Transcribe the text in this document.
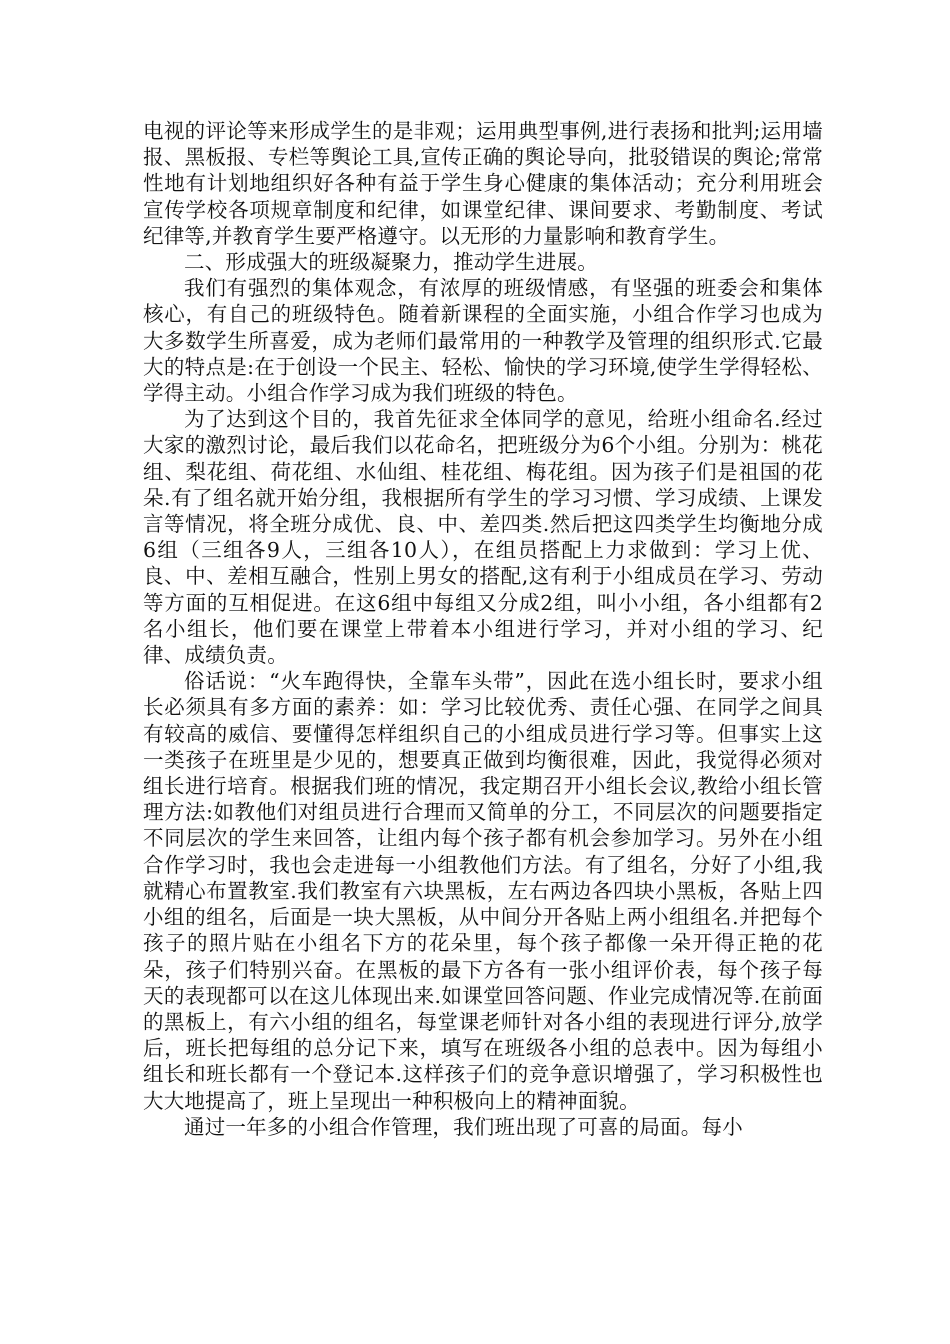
电视的评论等来形成学生的是非观；运用典型事例,进行表扬和批判;运用墙报、黑板报、专栏等舆论工具,宣传正确的舆论导向，批驳错误的舆论;常常性地有计划地组织好各种有益于学生身心健康的集体活动；充分利用班会宣传学校各项规章制度和纪律，如课堂纪律、课间要求、考勤制度、考试纪律等,并教育学生要严格遵守。以无形的力量影响和教育学生。

二、形成强大的班级凝聚力，推动学生进展。

我们有强烈的集体观念，有浓厚的班级情感，有坚强的班委会和集体核心，有自己的班级特色。随着新课程的全面实施，小组合作学习也成为大多数学生所喜爱，成为老师们最常用的一种教学及管理的组织形式.它最大的特点是:在于创设一个民主、轻松、愉快的学习环境,使学生学得轻松、学得主动。小组合作学习成为我们班级的特色。

为了达到这个目的，我首先征求全体同学的意见，给班小组命名.经过大家的激烈讨论，最后我们以花命名，把班级分为6个小组。分别为：桃花组、梨花组、荷花组、水仙组、桂花组、梅花组。因为孩子们是祖国的花朵.有了组名就开始分组，我根据所有学生的学习习惯、学习成绩、上课发言等情况，将全班分成优、良、中、差四类.然后把这四类学生均衡地分成6组（三组各9人，三组各10人），在组员搭配上力求做到：学习上优、良、中、差相互融合，性别上男女的搭配,这有利于小组成员在学习、劳动等方面的互相促进。在这6组中每组又分成2组，叫小小组，各小组都有2名小组长，他们要在课堂上带着本小组进行学习，并对小组的学习、纪律、成绩负责。

俗话说：“火车跑得快，全靠车头带”，因此在选小组长时，要求小组长必须具有多方面的素养：如：学习比较优秀、责任心强、在同学之间具有较高的威信、要懂得怎样组织自己的小组成员进行学习等。但事实上这一类孩子在班里是少见的，想要真正做到均衡很难，因此，我觉得必须对组长进行培育。根据我们班的情况，我定期召开小组长会议,教给小组长管理方法:如教他们对组员进行合理而又简单的分工，不同层次的问题要指定不同层次的学生来回答，让组内每个孩子都有机会参加学习。另外在小组合作学习时，我也会走进每一小组教他们方法。有了组名，分好了小组,我就精心布置教室.我们教室有六块黑板，左右两边各四块小黑板，各贴上四小组的组名，后面是一块大黑板，从中间分开各贴上两小组组名.并把每个孩子的照片贴在小组名下方的花朵里，每个孩子都像一朵开得正艳的花朵，孩子们特别兴奋。在黑板的最下方各有一张小组评价表，每个孩子每天的表现都可以在这儿体现出来.如课堂回答问题、作业完成情况等.在前面的黑板上，有六小组的组名，每堂课老师针对各小组的表现进行评分,放学后，班长把每组的总分记下来，填写在班级各小组的总表中。因为每组小组长和班长都有一个登记本.这样孩子们的竞争意识增强了，学习积极性也大大地提高了，班上呈现出一种积极向上的精神面貌。

通过一年多的小组合作管理，我们班出现了可喜的局面。每小
